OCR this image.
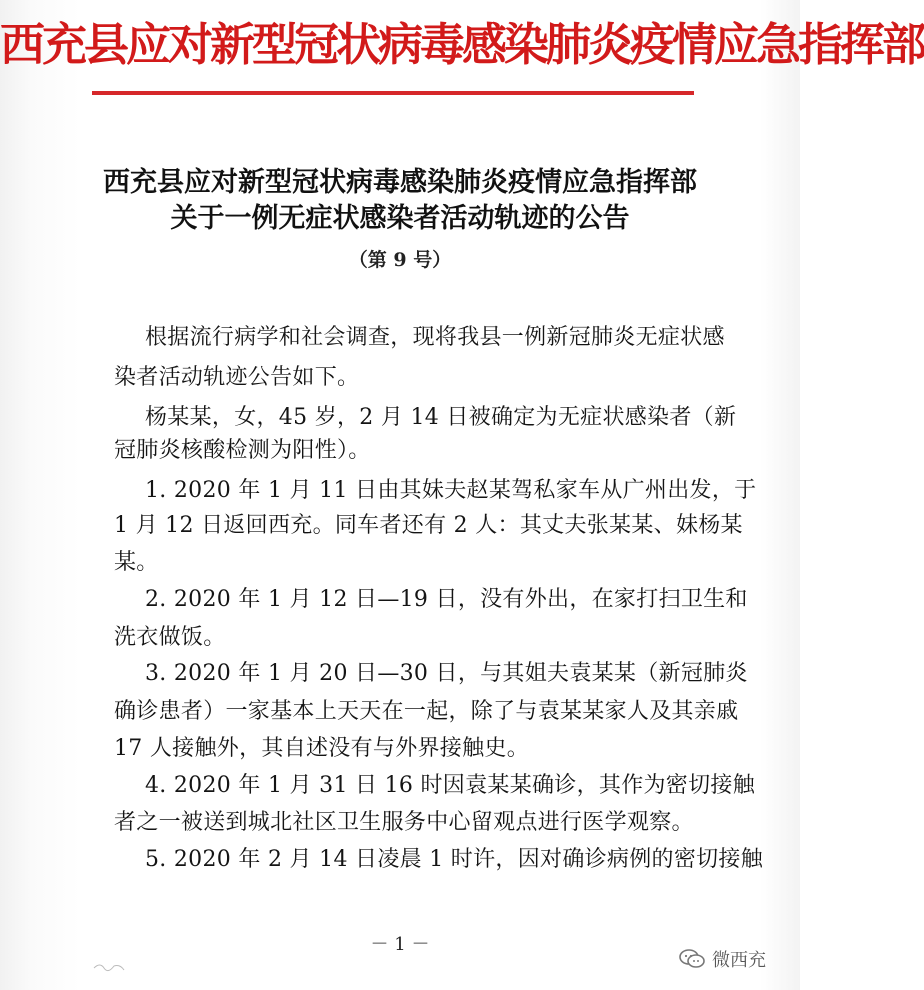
西充县应对新型冠状病毒感染肺炎疫情应急指挥部
西充县应对新型冠状病毒感染肺炎疫情应急指挥部
关于一例无症状感染者活动轨迹的公告
（第 9 号）
根据流行病学和社会调查，现将我县一例新冠肺炎无症状感
染者活动轨迹公告如下。
杨某某，女，45 岁，2 月 14 日被确定为无症状感染者（新
冠肺炎核酸检测为阳性）。
1. 2020 年 1 月 11 日由其妹夫赵某驾私家车从广州出发，于
1 月 12 日返回西充。同车者还有 2 人：其丈夫张某某、妹杨某
某。
2. 2020 年 1 月 12 日—19 日，没有外出，在家打扫卫生和
洗衣做饭。
3. 2020 年 1 月 20 日—30 日，与其姐夫袁某某（新冠肺炎
确诊患者）一家基本上天天在一起，除了与袁某某家人及其亲戚
17 人接触外，其自述没有与外界接触史。
4. 2020 年 1 月 31 日 16 时因袁某某确诊，其作为密切接触
者之一被送到城北社区卫生服务中心留观点进行医学观察。
5. 2020 年 2 月 14 日凌晨 1 时许，因对确诊病例的密切接触
－ 1 －
微西充
